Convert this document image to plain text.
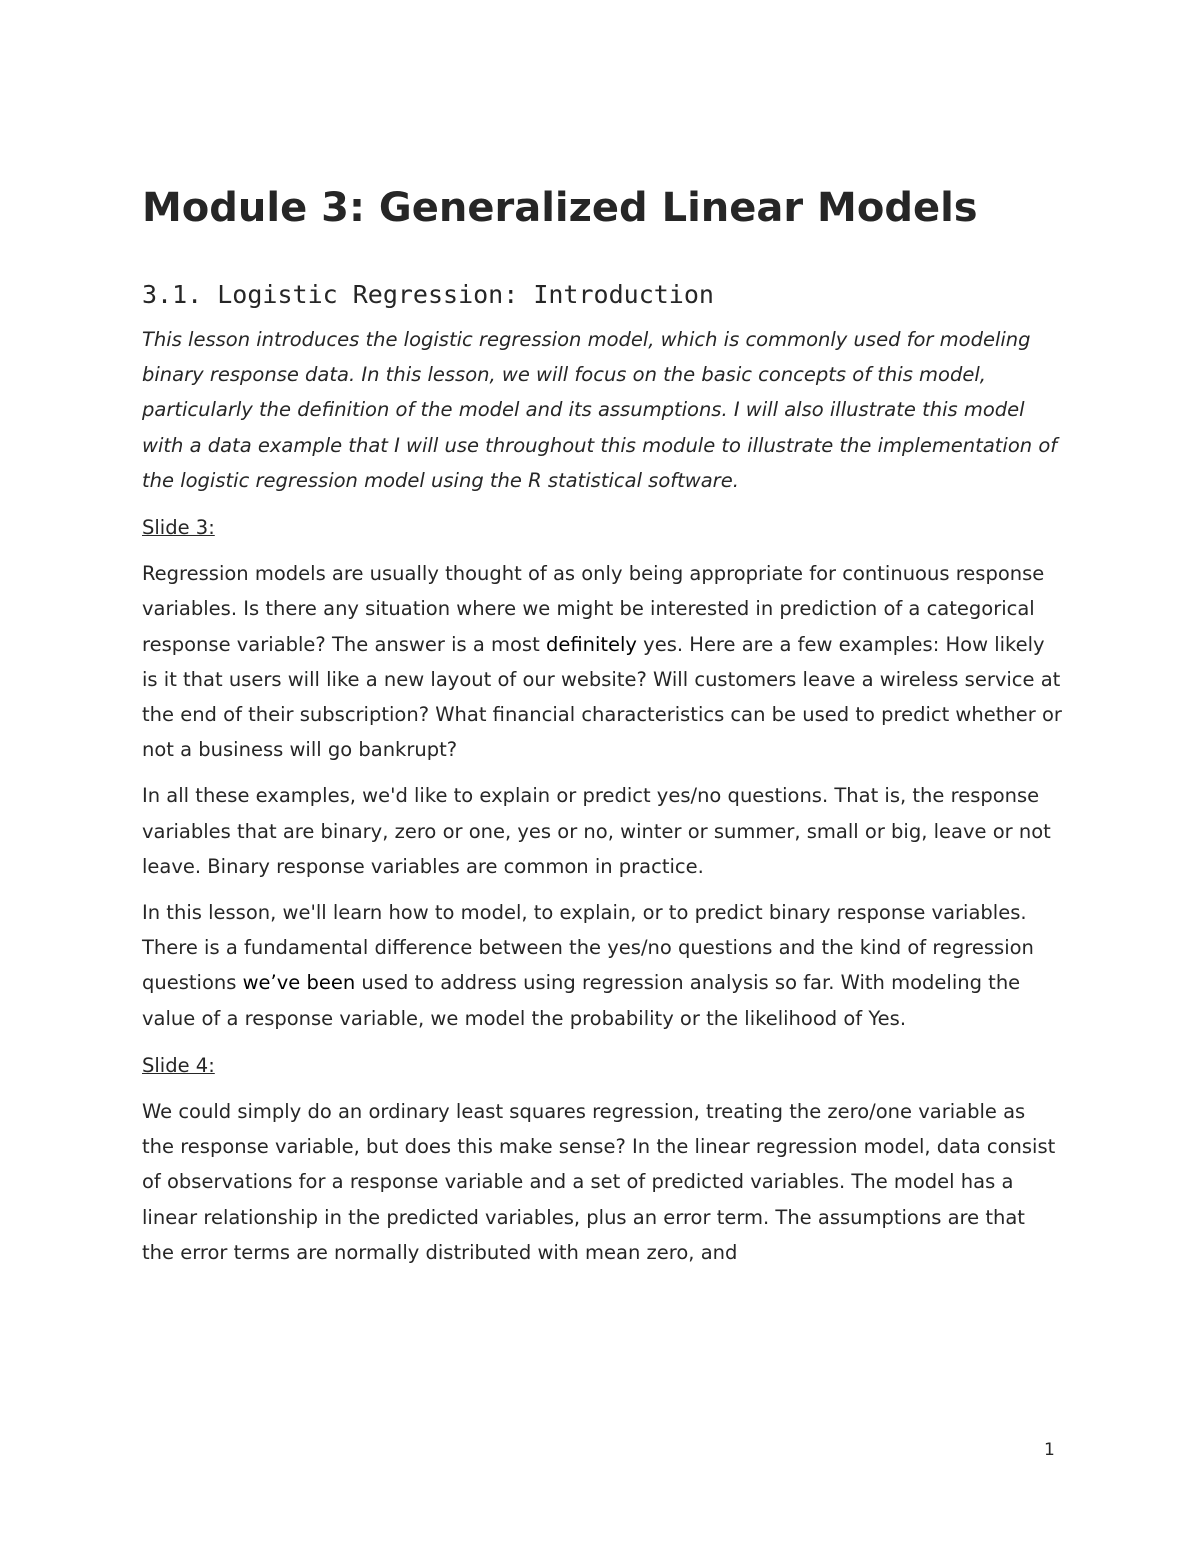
Module 3: Generalized Linear Models
3.1. Logistic Regression: Introduction

This lesson introduces the logistic regression model, which is commonly used for modeling binary response data. In this lesson, we will focus on the basic concepts of this model, particularly the definition of the model and its assumptions. I will also illustrate this model with a data example that I will use throughout this module to illustrate the implementation of the logistic regression model using the R statistical software.

Slide 3:

Regression models are usually thought of as only being appropriate for continuous response variables. Is there any situation where we might be interested in prediction of a categorical response variable? The answer is a most definitely yes. Here are a few examples: How likely is it that users will like a new layout of our website? Will customers leave a wireless service at the end of their subscription? What financial characteristics can be used to predict whether or not a business will go bankrupt?

In all these examples, we'd like to explain or predict yes/no questions. That is, the response variables that are binary, zero or one, yes or no, winter or summer, small or big, leave or not leave. Binary response variables are common in practice.

In this lesson, we'll learn how to model, to explain, or to predict binary response variables. There is a fundamental difference between the yes/no questions and the kind of regression questions we’ve been used to address using regression analysis so far. With modeling the value of a response variable, we model the probability or the likelihood of Yes.

Slide 4:

We could simply do an ordinary least squares regression, treating the zero/one variable as the response variable, but does this make sense? In the linear regression model, data consist of observations for a response variable and a set of predicted variables. The model has a linear relationship in the predicted variables, plus an error term. The assumptions are that the error terms are normally distributed with mean zero, and

1
